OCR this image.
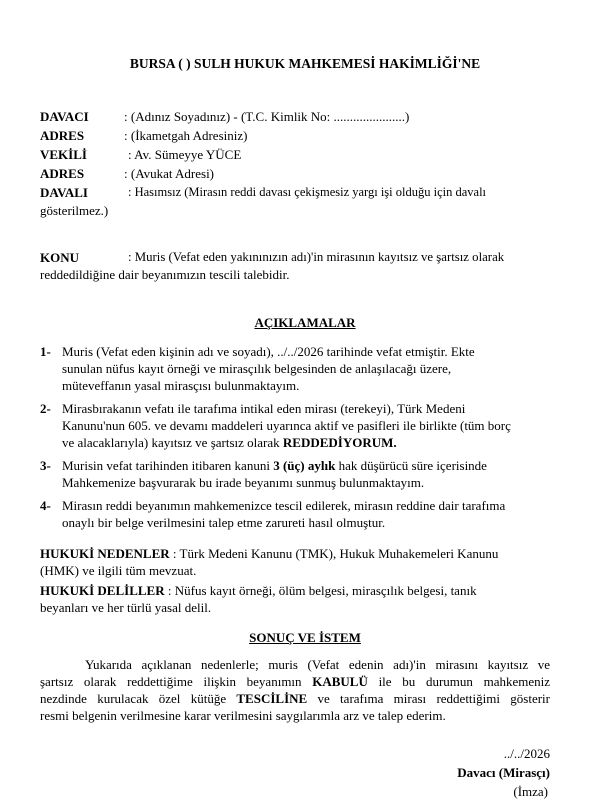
BURSA ( ) SULH HUKUK MAHKEMESİ HAKİMLİĞİ'NE
DAVACI	: (Adınız Soyadınız) - (T.C. Kimlik No: ......................)
ADRES	: (İkametgah Adresiniz)
VEKİLİ	: Av. Sümeyye YÜCE
ADRES	: (Avukat Adresi)
DAVALI	: Hasımsız (Mirasın reddi davası çekişmesiz yargı işi olduğu için davalı
gösterilmez.)
KONU	: Muris (Vefat eden yakınınızın adı)'in mirasının kayıtsız ve şartsız olarak
reddedildiğine dair beyanımızın tescili talebidir.
AÇIKLAMALAR
1- Muris (Vefat eden kişinin adı ve soyadı), ../../2026 tarihinde vefat etmiştir. Ekte
sunulan nüfus kayıt örneği ve mirasçılık belgesinden de anlaşılacağı üzere,
müteveffanın yasal mirasçısı bulunmaktayım.
2- Mirasbırakanın vefatı ile tarafıma intikal eden mirası (terekeyi), Türk Medeni
Kanunu'nun 605. ve devamı maddeleri uyarınca aktif ve pasifleri ile birlikte (tüm borç
ve alacaklarıyla) kayıtsız ve şartsız olarak REDDEDİYORUM.
3- Murisin vefat tarihinden itibaren kanuni 3 (üç) aylık hak düşürücü süre içerisinde
Mahkemenize başvurarak bu irade beyanımı sunmuş bulunmaktayım.
4- Mirasın reddi beyanımın mahkemenizce tescil edilerek, mirasın reddine dair tarafıma
onaylı bir belge verilmesini talep etme zarureti hasıl olmuştur.
HUKUKİ NEDENLER : Türk Medeni Kanunu (TMK), Hukuk Muhakemeleri Kanunu
(HMK) ve ilgili tüm mevzuat.
HUKUKİ DELİLLER : Nüfus kayıt örneği, ölüm belgesi, mirasçılık belgesi, tanık
beyanları ve her türlü yasal delil.
SONUÇ VE İSTEM
Yukarıda açıklanan nedenlerle; muris (Vefat edenin adı)'in mirasını kayıtsız ve
şartsız olarak reddettiğime ilişkin beyanımın KABULÜ ile bu durumun mahkemeniz
nezdinde kurulacak özel kütüğe TESCİLİNE ve tarafıma mirası reddettiğimi gösterir
resmi belgenin verilmesine karar verilmesini saygılarımla arz ve talep ederim.
../../2026
Davacı (Mirasçı)
(İmza)
